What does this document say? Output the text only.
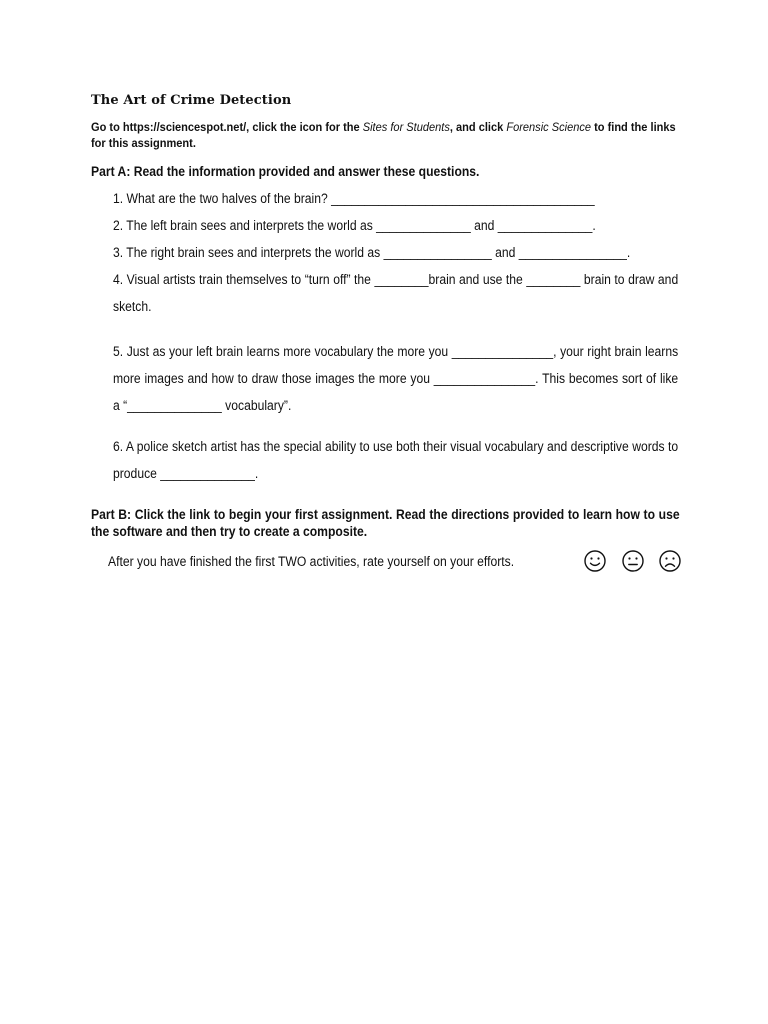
The Art of Crime Detection
Go to https://sciencespot.net/, click the icon for the Sites for Students, and click Forensic Science to find the links for this assignment.
Part A: Read the information provided and answer these questions.
1. What are the two halves of the brain? _______________________________________
2. The left brain sees and interprets the world as ______________ and ______________.
3. The right brain sees and interprets the world as ________________ and ________________.
4. Visual artists train themselves to “turn off” the ________brain and use the ________ brain to draw and sketch.
5. Just as your left brain learns more vocabulary the more you _______________, your right brain learns more images and how to draw those images the more you _______________. This becomes sort of like a “______________ vocabulary”.
6. A police sketch artist has the special ability to use both their visual vocabulary and descriptive words to produce ______________.
Part B: Click the link to begin your first assignment. Read the directions provided to learn how to use the software and then try to create a composite.
After you have finished the first TWO activities, rate yourself on your efforts.
